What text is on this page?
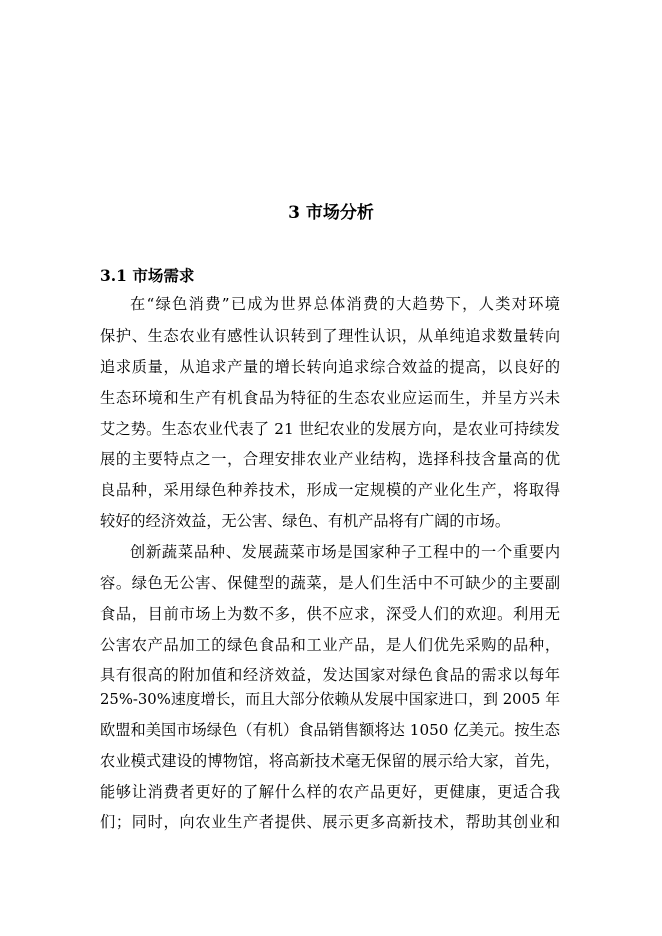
3 市场分析
3.1 市场需求

在“绿色消费”已成为世界总体消费的大趋势下，人类对环境

保护、生态农业有感性认识转到了理性认识，从单纯追求数量转向

追求质量，从追求产量的增长转向追求综合效益的提高，以良好的

生态环境和生产有机食品为特征的生态农业应运而生，并呈方兴未

艾之势。生态农业代表了 21 世纪农业的发展方向，是农业可持续发

展的主要特点之一，合理安排农业产业结构，选择科技含量高的优

良品种，采用绿色种养技术，形成一定规模的产业化生产，将取得

较好的经济效益，无公害、绿色、有机产品将有广阔的市场。

创新蔬菜品种、发展蔬菜市场是国家种子工程中的一个重要内

容。绿色无公害、保健型的蔬菜，是人们生活中不可缺少的主要副

食品，目前市场上为数不多，供不应求，深受人们的欢迎。利用无

公害农产品加工的绿色食品和工业产品，是人们优先采购的品种，

具有很高的附加值和经济效益，发达国家对绿色食品的需求以每年

25%-30%速度增长，而且大部分依赖从发展中国家进口，到 2005 年

欧盟和美国市场绿色（有机）食品销售额将达 1050 亿美元。按生态

农业模式建设的博物馆，将高新技术毫无保留的展示给大家，首先，

能够让消费者更好的了解什么样的农产品更好，更健康，更适合我

们；同时，向农业生产者提供、展示更多高新技术，帮助其创业和
